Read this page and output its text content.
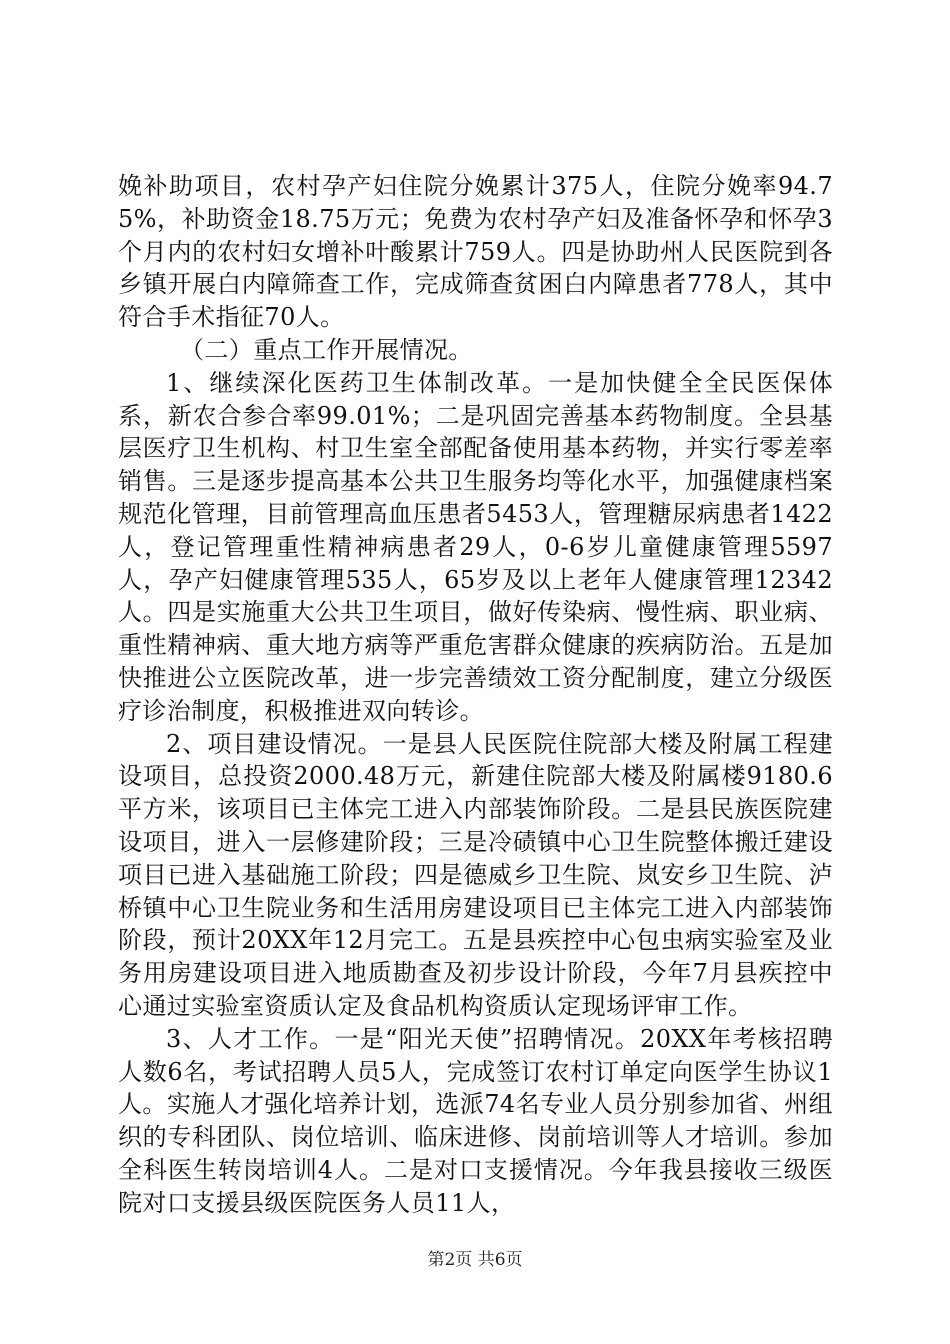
娩补助项目，农村孕产妇住院分娩累计375人，住院分娩率94.75%，补助资金18.75万元；免费为农村孕产妇及准备怀孕和怀孕3个月内的农村妇女增补叶酸累计759人。四是协助州人民医院到各乡镇开展白内障筛查工作，完成筛查贫困白内障患者778人，其中符合手术指征70人。

（二）重点工作开展情况。

1、继续深化医药卫生体制改革。一是加快健全全民医保体系，新农合参合率99.01%；二是巩固完善基本药物制度。全县基层医疗卫生机构、村卫生室全部配备使用基本药物，并实行零差率销售。三是逐步提高基本公共卫生服务均等化水平，加强健康档案规范化管理，目前管理高血压患者5453人，管理糖尿病患者1422人，登记管理重性精神病患者29人，0-6岁儿童健康管理5597人，孕产妇健康管理535人，65岁及以上老年人健康管理12342人。四是实施重大公共卫生项目，做好传染病、慢性病、职业病、重性精神病、重大地方病等严重危害群众健康的疾病防治。五是加快推进公立医院改革，进一步完善绩效工资分配制度，建立分级医疗诊治制度，积极推进双向转诊。

2、项目建设情况。一是县人民医院住院部大楼及附属工程建设项目，总投资2000.48万元，新建住院部大楼及附属楼9180.6平方米，该项目已主体完工进入内部装饰阶段。二是县民族医院建设项目，进入一层修建阶段；三是冷碛镇中心卫生院整体搬迁建设项目已进入基础施工阶段；四是德威乡卫生院、岚安乡卫生院、泸桥镇中心卫生院业务和生活用房建设项目已主体完工进入内部装饰阶段，预计20XX年12月完工。五是县疾控中心包虫病实验室及业务用房建设项目进入地质勘查及初步设计阶段，今年7月县疾控中心通过实验室资质认定及食品机构资质认定现场评审工作。

3、人才工作。一是“阳光天使”招聘情况。20XX年考核招聘人数6名，考试招聘人员5人，完成签订农村订单定向医学生协议1人。实施人才强化培养计划，选派74名专业人员分别参加省、州组织的专科团队、岗位培训、临床进修、岗前培训等人才培训。参加全科医生转岗培训4人。二是对口支援情况。今年我县接收三级医院对口支援县级医院医务人员11人，

第2页 共6页
